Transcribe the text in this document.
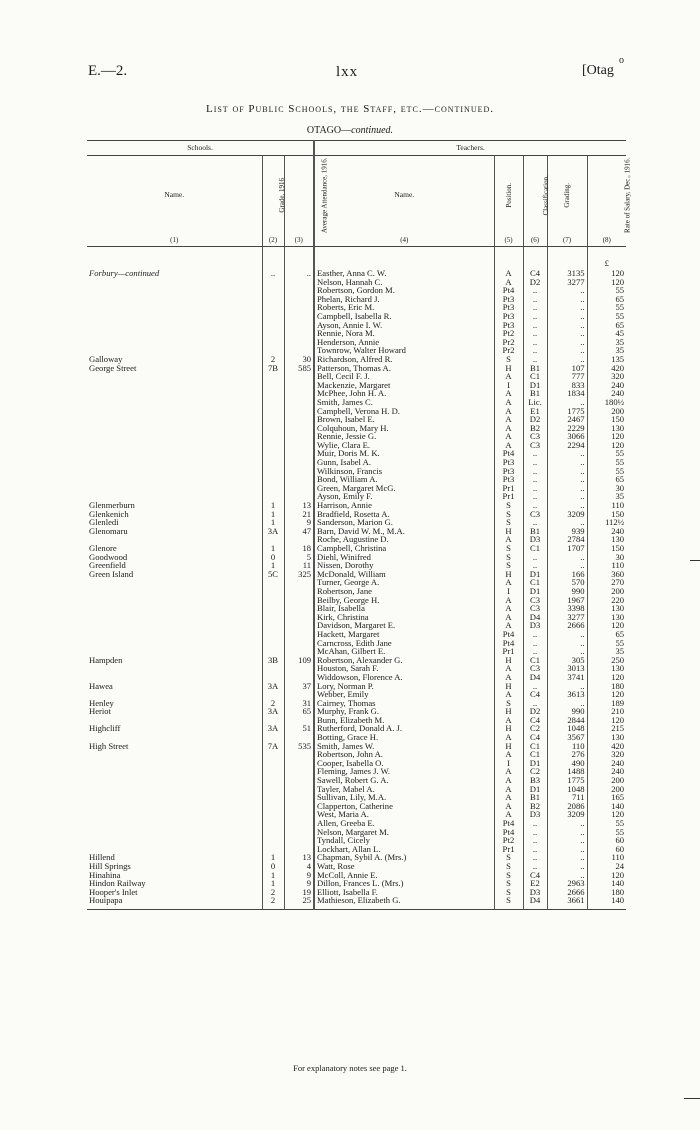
E.—2.	lxx	[Otag
o
List of Public Schools, the Staff, etc.—continued.
OTAGO—continued.
Schools.			Teachers.				
Name.	Grade, 1916	Average Attendance, 1916.	Name.	Position.	Classification.	Grading.	Rate of Salary, Dec., 1916.
(1)	(2)	(3)	(4)	(5)	(6)	(7)	(8)

							£
Forbury—continued	..	..	Easther, Anna C. W.	A	C4	3135	120
			Nelson, Hannah C.	A	D2	3277	120
			Robertson, Gordon M.	Pt4	..	..	55
			Phelan, Richard J.	Pt3	..	..	65
			Roberts, Eric M.	Pt3	..	..	55
			Campbell, Isabella R.	Pt3	..	..	55
			Ayson, Annie I. W.	Pt3	..	..	65
			Rennie, Nora M.	Pt2	..	..	45
			Henderson, Annie	Pr2	..	..	35
			Townrow, Walter Howard	Pr2	..	..	35
Galloway	2	30	Richardson, Alfred R.	S	..	..	135
George Street	7B	585	Patterson, Thomas A.	H	B1	107	420
			Bell, Cecil F. J.	A	C1	777	320
			Mackenzie, Margaret	I	D1	833	240
			McPhee, John H. A.	A	B1	1834	240
			Smith, James C.	A	Lic.	..	180½
			Campbell, Verona H. D.	A	E1	1775	200
			Brown, Isabel E.	A	D2	2467	150
			Colquhoun, Mary H.	A	B2	2229	130
			Rennie, Jessie G.	A	C3	3066	120
			Wylie, Clara E.	A	C3	2294	120
			Muir, Doris M. K.	Pt4	..	..	55
			Gunn, Isabel A.	Pt3	..	..	55
			Wilkinson, Francis	Pt3	..	..	55
			Bond, William A.	Pt3	..	..	65
			Green, Margaret McG.	Pr1	..	..	30
			Ayson, Emily F.	Pr1	..	..	35
Glenmerburn	1	13	Harrison, Annie	S	..	..	110
Glenkenich	1	21	Bradfield, Rosetta A.	S	C3	3209	150
Glenledi	1	9	Sanderson, Marion G.	S	..	..	112½
Glenomaru	3A	47	Barn, David W. M., M.A.	H	B1	939	240
			Roche, Augustine D.	A	D3	2784	130
Glenore	1	18	Campbell, Christina	S	C1	1707	150
Goodwood	0	5	Diehl, Winifred	S	..	..	30
Greenfield	1	11	Nissen, Dorothy	S	..	..	110
Green Island	5C	325	McDonald, William	H	D1	166	360
			Turner, George A.	A	C1	570	270
			Robertson, Jane	I	D1	990	200
			Beilby, George H.	A	C3	1967	220
			Blair, Isabella	A	C3	3398	130
			Kirk, Christina	A	D4	3277	130
			Davidson, Margaret E.	A	D3	2666	120
			Hackett, Margaret	Pt4	..	..	65
			Carncross, Edith Jane	Pt4	..	..	55
			McAhan, Gilbert E.	Pr1	..	..	35
Hampden	3B	109	Robertson, Alexander G.	H	C1	305	250
			Houston, Sarah F.	A	C3	3013	130
			Widdowson, Florence A.	A	D4	3741	120
Hawea	3A	37	Lory, Norman P.	H	..	..	180
			Webber, Emily	A	C4	3613	120
Henley	2	31	Cairney, Thomas	S	..	..	189
Heriot	3A	65	Murphy, Frank G.	H	D2	990	210
			Bunn, Elizabeth M.	A	C4	2844	120
Highcliff	3A	51	Rutherford, Donald A. J.	H	C2	1048	215
			Botting, Grace H.	A	C4	3567	130
High Street	7A	535	Smith, James W.	H	C1	110	420
			Robertson, John A.	A	C1	276	320
			Cooper, Isabella O.	I	D1	490	240
			Fleming, James J. W.	A	C2	1488	240
			Sawell, Robert G. A.	A	B3	1775	200
			Tayler, Mabel A.	A	D1	1048	200
			Sullivan, Lily, M.A.	A	B1	711	165
			Clapperton, Catherine	A	B2	2086	140
			West, Maria A.	A	D3	3209	120
			Allen, Greeba E.	Pt4	..	..	55
			Nelson, Margaret M.	Pt4	..	..	55
			Tyndall, Cicely	Pt2	..	..	60
			Lockhart, Allan L.	Pr1	..	..	60
Hillend	1	13	Chapman, Sybil A. (Mrs.)	S	..	..	110
Hill Springs	0	4	Watt, Rose	S	..	..	24
Hinahina	1	9	McColl, Annie E.	S	C4	..	120
Hindon Railway	1	9	Dillon, Frances L. (Mrs.)	S	E2	2963	140
Hooper's Inlet	2	19	Elliott, Isabella F.	S	D3	2666	180
Houipapa	2	25	Mathieson, Elizabeth G.	S	D4	3661	140

For explanatory notes see page 1.
